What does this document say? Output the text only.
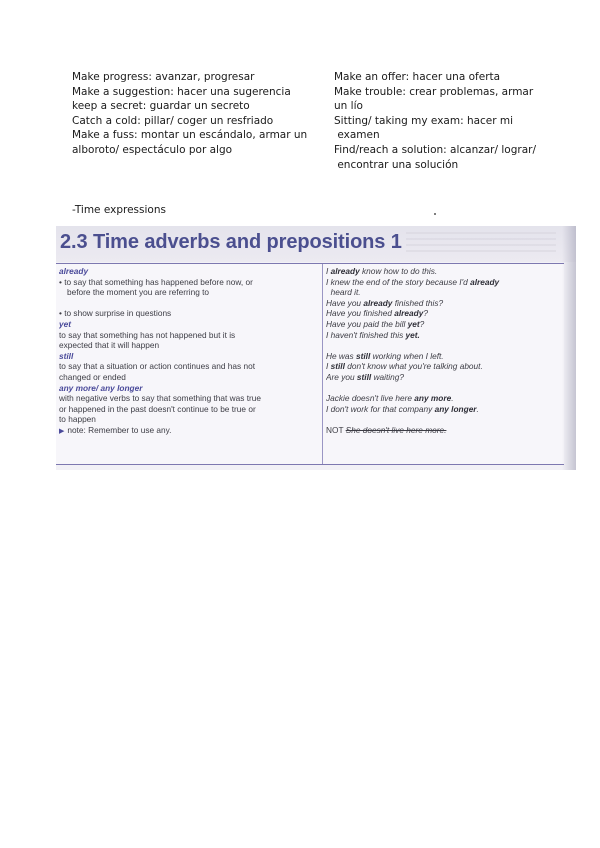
Make progress: avanzar, progresar
Make a suggestion: hacer una sugerencia
keep a secret: guardar un secreto
Catch a cold: pillar/ coger un resfriado
Make a fuss: montar un escándalo, armar un
alboroto/ espectáculo por algo
Make an offer: hacer una oferta
Make trouble: crear problemas, armar
un lío
Sitting/ taking my exam: hacer mi
examen
Find/reach a solution: alcanzar/ lograr/
encontrar una solución
-Time expressions
2.3 Time adverbs and prepositions 1
already
• to say that something has happened before now, or
before the moment you are referring to
• to show surprise in questions
yet
to say that something has not happened but it is
expected that it will happen
still
to say that a situation or action continues and has not
changed or ended
any more/ any longer
with negative verbs to say that something that was true
or happened in the past doesn't continue to be true or
to happen
▶ note: Remember to use any.
I already know how to do this.
I knew the end of the story because I'd already
heard it.
Have you already finished this?
Have you finished already?
Have you paid the bill yet?
I haven't finished this yet.
He was still working when I left.
I still don't know what you're talking about.
Are you still waiting?
Jackie doesn't live here any more.
I don't work for that company any longer.
NOT She doesn't live here more.
